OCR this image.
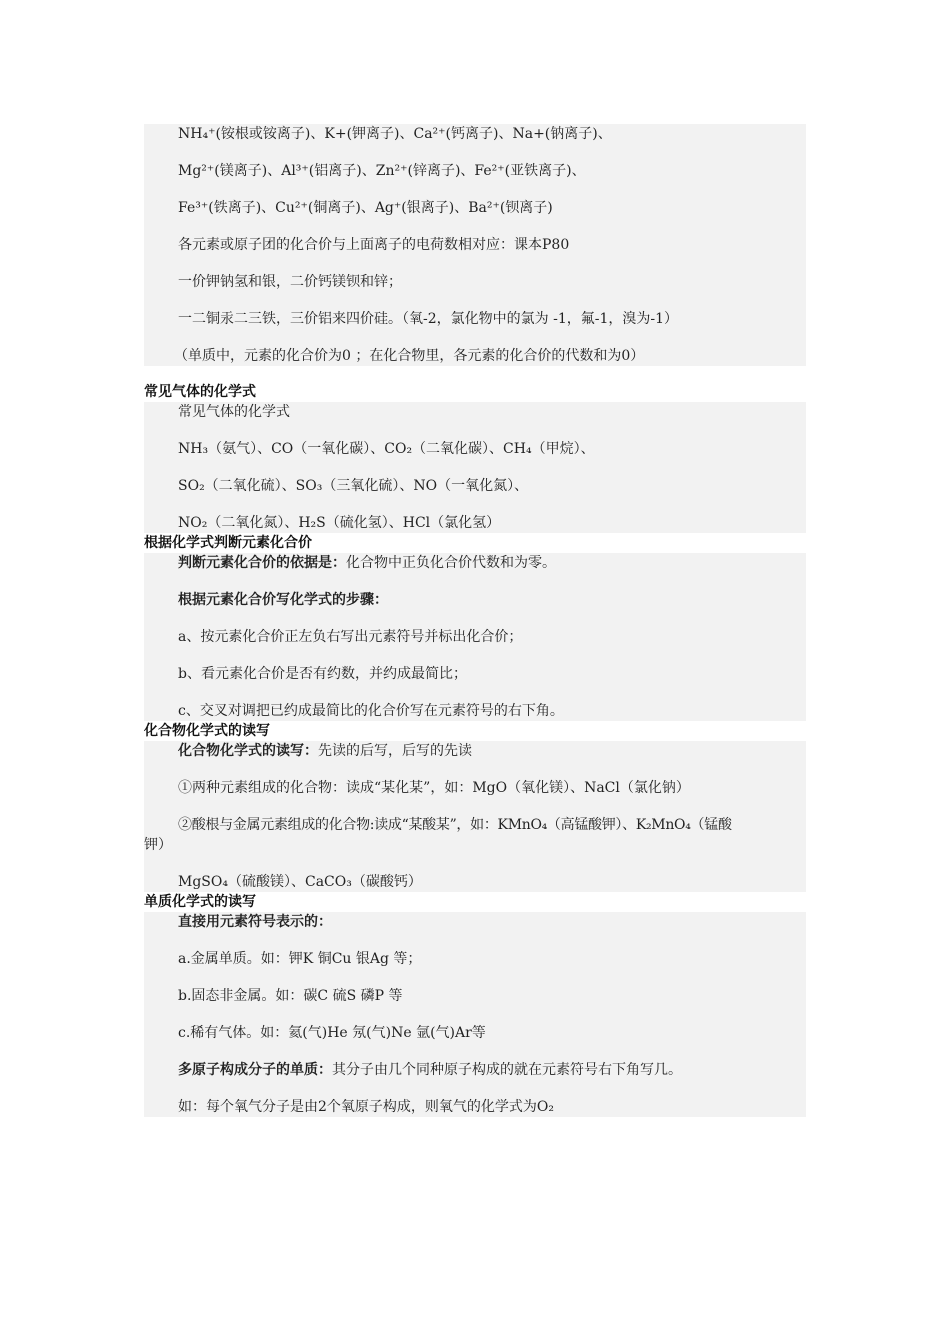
NH₄⁺(铵根或铵离子)、K+(钾离子)、Ca²⁺(钙离子)、Na+(钠离子)、
Mg²⁺(镁离子)、Al³⁺(铝离子)、Zn²⁺(锌离子)、Fe²⁺(亚铁离子)、
Fe³⁺(铁离子)、Cu²⁺(铜离子)、Ag⁺(银离子)、Ba²⁺(钡离子)
各元素或原子团的化合价与上面离子的电荷数相对应：课本P80
一价钾钠氢和银，二价钙镁钡和锌；
一二铜汞二三铁，三价铝来四价硅。（氧-2，氯化物中的氯为 -1，氟-1，溴为-1）
（单质中，元素的化合价为0 ；在化合物里，各元素的化合价的代数和为0）
常见气体的化学式
常见气体的化学式
NH₃（氨气）、CO（一氧化碳）、CO₂（二氧化碳）、CH₄（甲烷）、
SO₂（二氧化硫）、SO₃（三氧化硫）、NO（一氧化氮）、
NO₂（二氧化氮）、H₂S（硫化氢）、HCl（氯化氢）
根据化学式判断元素化合价
判断元素化合价的依据是：化合物中正负化合价代数和为零。
根据元素化合价写化学式的步骤：
a、按元素化合价正左负右写出元素符号并标出化合价；
b、看元素化合价是否有约数，并约成最简比；
c、交叉对调把已约成最简比的化合价写在元素符号的右下角。
化合物化学式的读写
化合物化学式的读写：先读的后写，后写的先读
①两种元素组成的化合物：读成“某化某”，如：MgO（氧化镁）、NaCl（氯化钠）
②酸根与金属元素组成的化合物:读成“某酸某”，如：KMnO₄（高锰酸钾）、K₂MnO₄（锰酸
钾）
MgSO₄（硫酸镁）、CaCO₃（碳酸钙）
单质化学式的读写
直接用元素符号表示的：
a.金属单质。如：钾K 铜Cu 银Ag 等；
b.固态非金属。如：碳C 硫S 磷P 等
c.稀有气体。如：氦(气)He 氖(气)Ne 氩(气)Ar等
多原子构成分子的单质：其分子由几个同种原子构成的就在元素符号右下角写几。
如：每个氧气分子是由2个氧原子构成，则氧气的化学式为O₂
